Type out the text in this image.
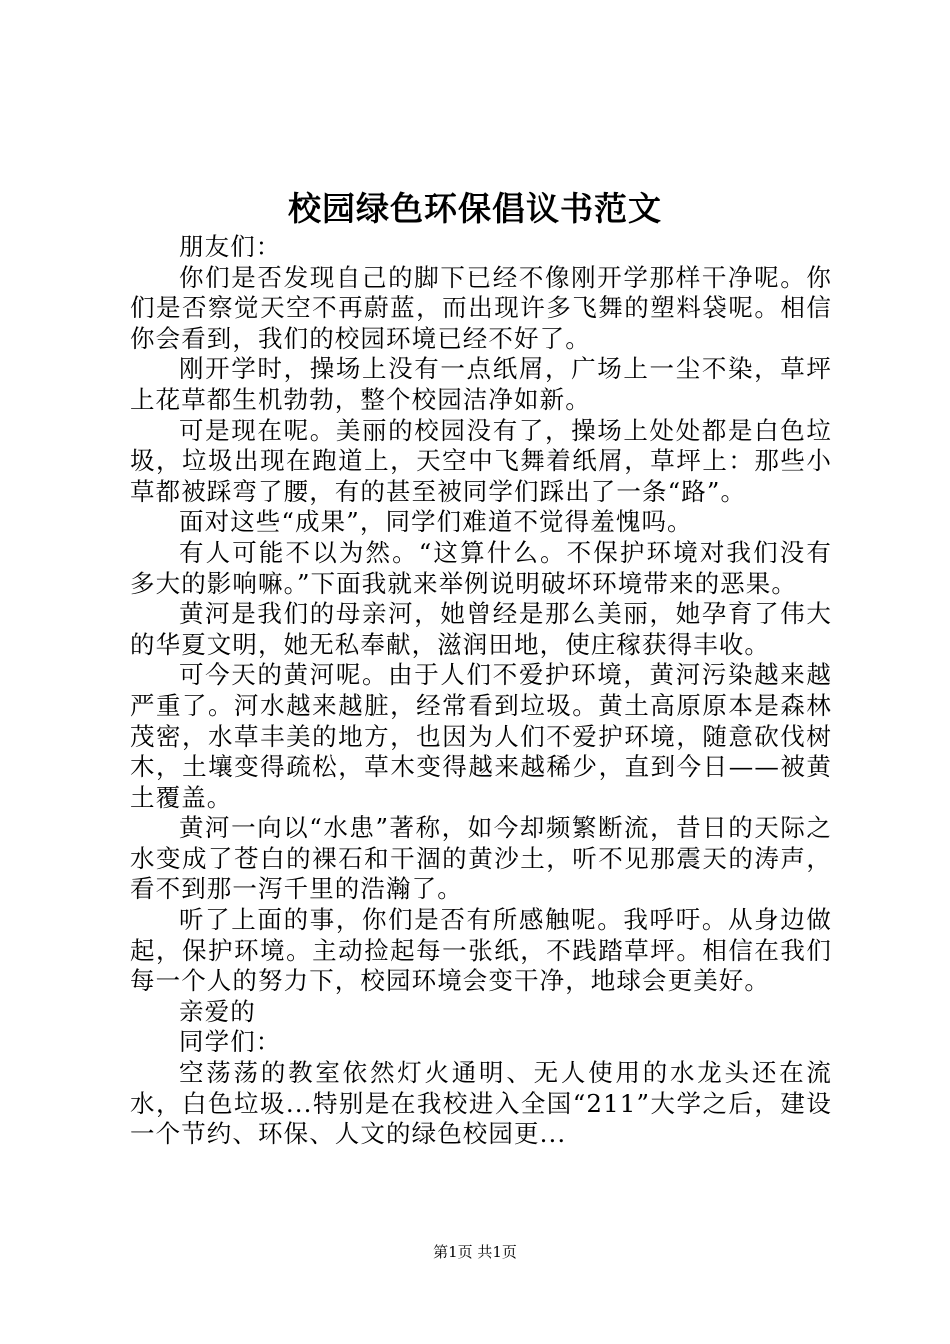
校园绿色环保倡议书范文

朋友们：

你们是否发现自己的脚下已经不像刚开学那样干净呢。你们是否察觉天空不再蔚蓝，而出现许多飞舞的塑料袋呢。相信你会看到，我们的校园环境已经不好了。

刚开学时，操场上没有一点纸屑，广场上一尘不染，草坪上花草都生机勃勃，整个校园洁净如新。

可是现在呢。美丽的校园没有了，操场上处处都是白色垃圾，垃圾出现在跑道上，天空中飞舞着纸屑，草坪上：那些小草都被踩弯了腰，有的甚至被同学们踩出了一条“路”。

面对这些“成果”，同学们难道不觉得羞愧吗。

有人可能不以为然。“这算什么。不保护环境对我们没有多大的影响嘛。”下面我就来举例说明破坏环境带来的恶果。

黄河是我们的母亲河，她曾经是那么美丽，她孕育了伟大的华夏文明，她无私奉献，滋润田地，使庄稼获得丰收。

可今天的黄河呢。由于人们不爱护环境，黄河污染越来越严重了。河水越来越脏，经常看到垃圾。黄土高原原本是森林茂密，水草丰美的地方，也因为人们不爱护环境，随意砍伐树木，土壤变得疏松，草木变得越来越稀少，直到今日——被黄土覆盖。

黄河一向以“水患”著称，如今却频繁断流，昔日的天际之水变成了苍白的裸石和干涸的黄沙土，听不见那震天的涛声，看不到那一泻千里的浩瀚了。

听了上面的事，你们是否有所感触呢。我呼吁。从身边做起，保护环境。主动捡起每一张纸，不践踏草坪。相信在我们每一个人的努力下，校园环境会变干净，地球会更美好。

亲爱的

同学们：

空荡荡的教室依然灯火通明、无人使用的水龙头还在流水，白色垃圾...特别是在我校进入全国“211”大学之后，建设一个节约、环保、人文的绿色校园更...

第1页 共1页
